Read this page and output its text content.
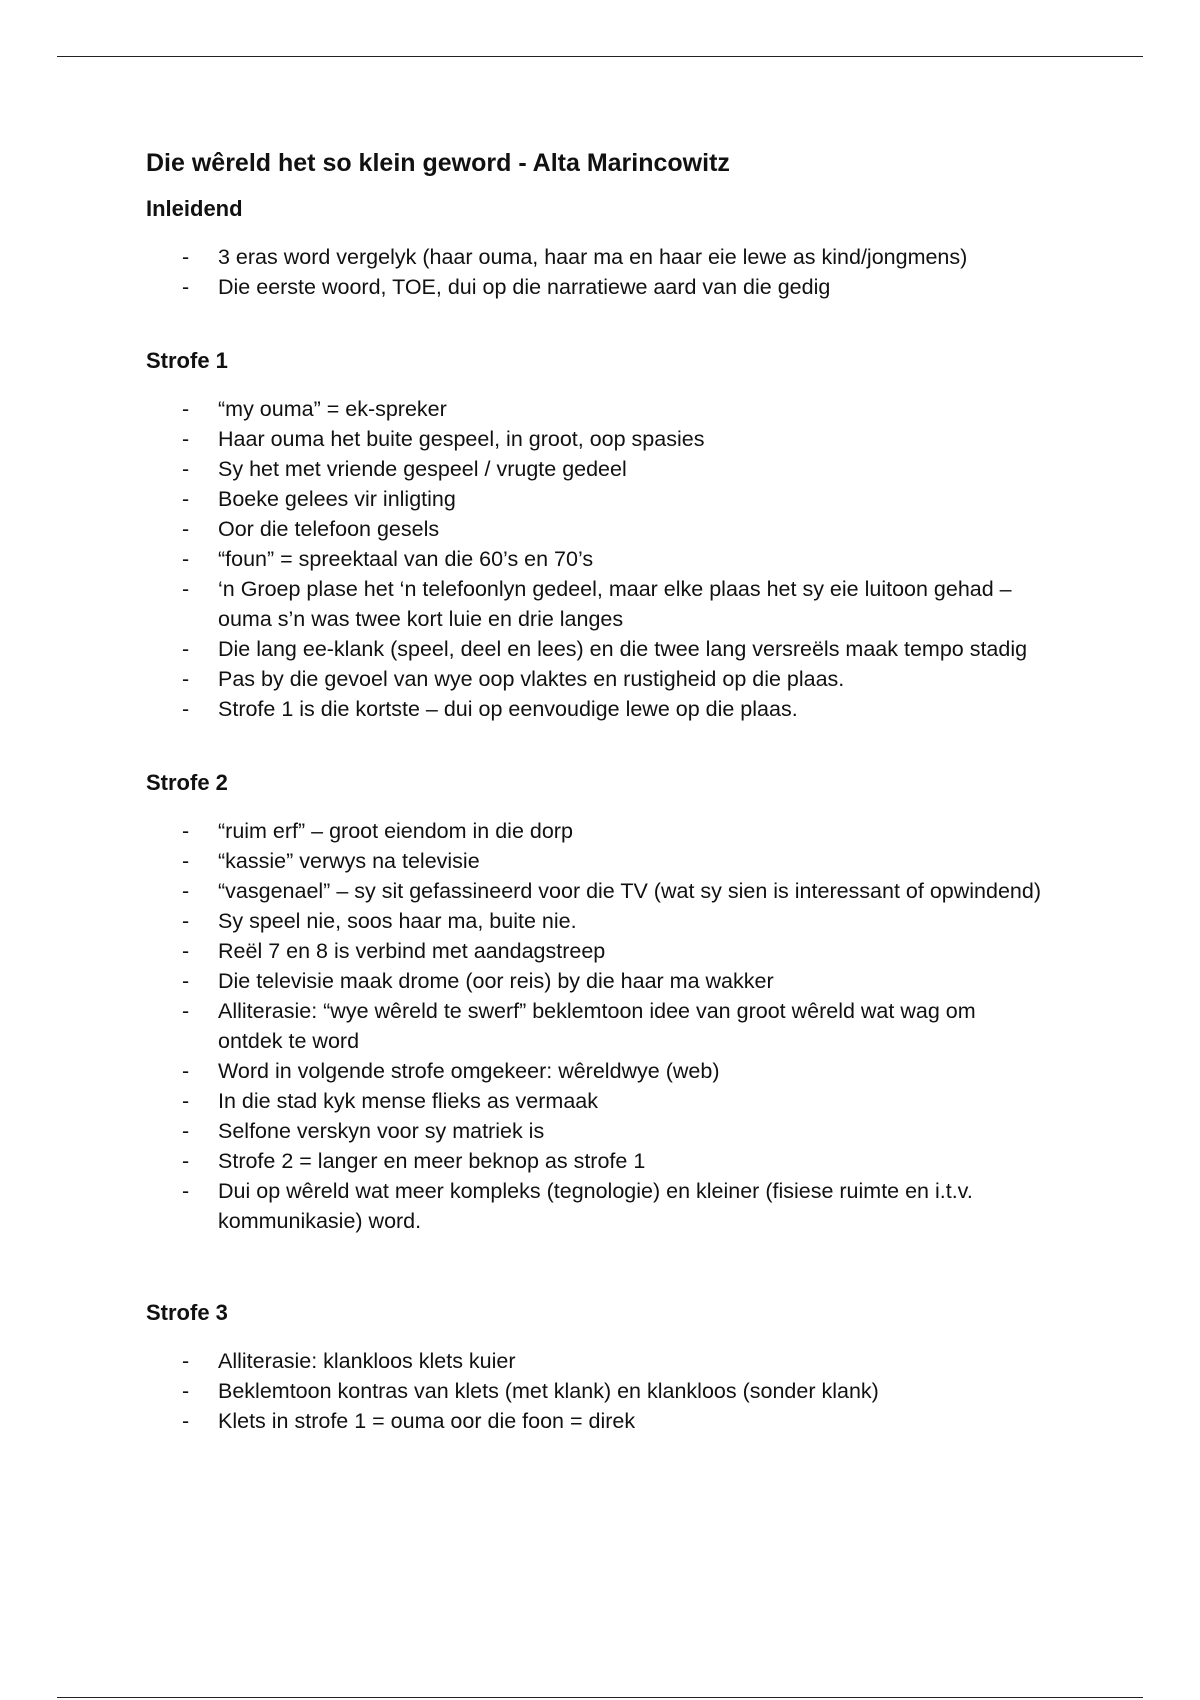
Die wêreld het so klein geword - Alta Marincowitz
Inleidend
- 3 eras word vergelyk (haar ouma, haar ma en haar eie lewe as kind/jongmens)
- Die eerste woord, TOE, dui op die narratiewe aard van die gedig
Strofe 1
- “my ouma” = ek-spreker
- Haar ouma het buite gespeel, in groot, oop spasies
- Sy het met vriende gespeel / vrugte gedeel
- Boeke gelees vir inligting
- Oor die telefoon gesels
- “foun” = spreektaal van die 60’s en 70’s
- ‘n Groep plase het ‘n telefoonlyn gedeel, maar elke plaas het sy eie luitoon gehad – ouma s’n was twee kort luie en drie langes
- Die lang ee-klank (speel, deel en lees) en die twee lang versreëls maak tempo stadig
- Pas by die gevoel van wye oop vlaktes en rustigheid op die plaas.
- Strofe 1 is die kortste – dui op eenvoudige lewe op die plaas.
Strofe 2
- “ruim erf” – groot eiendom in die dorp
- “kassie” verwys na televisie
- “vasgenael” – sy sit gefassineerd voor die TV (wat sy sien is interessant of opwindend)
- Sy speel nie, soos haar ma, buite nie.
- Reël 7 en 8 is verbind met aandagstreep
- Die televisie maak drome (oor reis) by die haar ma wakker
- Alliterasie: “wye wêreld te swerf” beklemtoon idee van groot wêreld wat wag om ontdek te word
- Word in volgende strofe omgekeer: wêreldwye (web)
- In die stad kyk mense flieks as vermaak
- Selfone verskyn voor sy matriek is
- Strofe 2 = langer en meer beknop as strofe 1
- Dui op wêreld wat meer kompleks (tegnologie) en kleiner (fisiese ruimte en i.t.v. kommunikasie) word.
Strofe 3
- Alliterasie: klankloos klets kuier
- Beklemtoon kontras van klets (met klank) en klankloos (sonder klank)
- Klets in strofe 1 = ouma oor die foon = direk
